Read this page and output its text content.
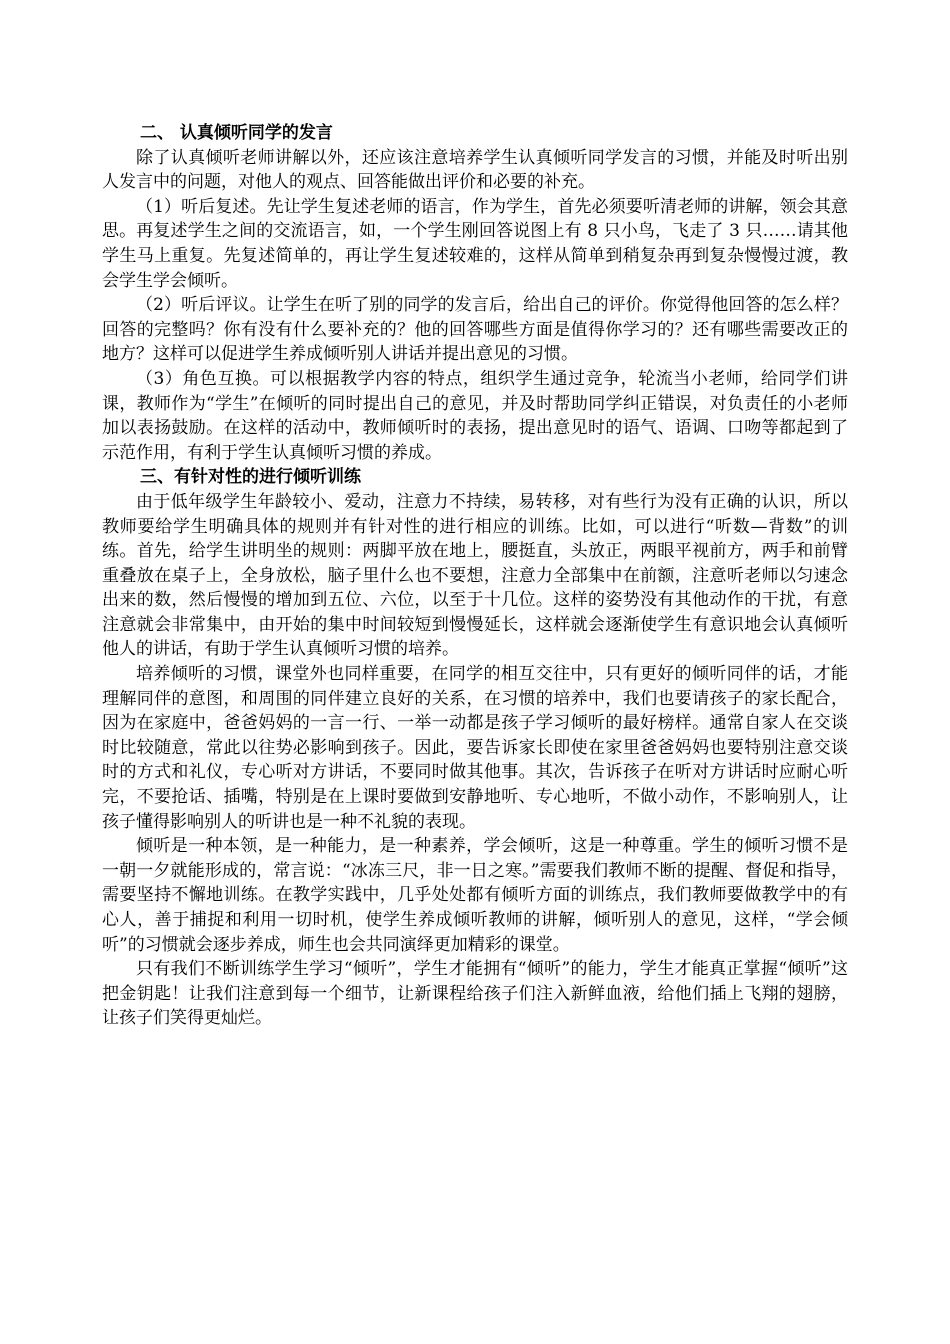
二、 认真倾听同学的发言

除了认真倾听老师讲解以外，还应该注意培养学生认真倾听同学发言的习惯，并能及时听出别人发言中的问题，对他人的观点、回答能做出评价和必要的补充。

（1）听后复述。先让学生复述老师的语言，作为学生，首先必须要听清老师的讲解，领会其意思。再复述学生之间的交流语言，如，一个学生刚回答说图上有 8 只小鸟，飞走了 3 只……请其他学生马上重复。先复述简单的，再让学生复述较难的，这样从简单到稍复杂再到复杂慢慢过渡，教会学生学会倾听。

（2）听后评议。让学生在听了别的同学的发言后，给出自己的评价。你觉得他回答的怎么样？回答的完整吗？你有没有什么要补充的？他的回答哪些方面是值得你学习的？还有哪些需要改正的地方？这样可以促进学生养成倾听别人讲话并提出意见的习惯。

（3）角色互换。可以根据教学内容的特点，组织学生通过竞争，轮流当小老师，给同学们讲课，教师作为“学生”在倾听的同时提出自己的意见，并及时帮助同学纠正错误，对负责任的小老师加以表扬鼓励。在这样的活动中，教师倾听时的表扬，提出意见时的语气、语调、口吻等都起到了示范作用，有利于学生认真倾听习惯的养成。

三、有针对性的进行倾听训练

由于低年级学生年龄较小、爱动，注意力不持续，易转移，对有些行为没有正确的认识，所以教师要给学生明确具体的规则并有针对性的进行相应的训练。比如，可以进行“听数—背数”的训练。首先，给学生讲明坐的规则：两脚平放在地上，腰挺直，头放正，两眼平视前方，两手和前臂重叠放在桌子上，全身放松，脑子里什么也不要想，注意力全部集中在前额，注意听老师以匀速念出来的数，然后慢慢的增加到五位、六位，以至于十几位。这样的姿势没有其他动作的干扰，有意注意就会非常集中，由开始的集中时间较短到慢慢延长，这样就会逐渐使学生有意识地会认真倾听他人的讲话，有助于学生认真倾听习惯的培养。

培养倾听的习惯，课堂外也同样重要，在同学的相互交往中，只有更好的倾听同伴的话，才能理解同伴的意图，和周围的同伴建立良好的关系，在习惯的培养中，我们也要请孩子的家长配合，因为在家庭中，爸爸妈妈的一言一行、一举一动都是孩子学习倾听的最好榜样。通常自家人在交谈时比较随意，常此以往势必影响到孩子。因此，要告诉家长即使在家里爸爸妈妈也要特别注意交谈时的方式和礼仪，专心听对方讲话，不要同时做其他事。其次，告诉孩子在听对方讲话时应耐心听完，不要抢话、插嘴，特别是在上课时要做到安静地听、专心地听，不做小动作，不影响别人，让孩子懂得影响别人的听讲也是一种不礼貌的表现。

倾听是一种本领，是一种能力，是一种素养，学会倾听，这是一种尊重。学生的倾听习惯不是一朝一夕就能形成的，常言说：“冰冻三尺，非一日之寒。”需要我们教师不断的提醒、督促和指导，需要坚持不懈地训练。在教学实践中，几乎处处都有倾听方面的训练点，我们教师要做教学中的有心人，善于捕捉和利用一切时机，使学生养成倾听教师的讲解，倾听别人的意见，这样，“学会倾听”的习惯就会逐步养成，师生也会共同演绎更加精彩的课堂。

只有我们不断训练学生学习“倾听”，学生才能拥有“倾听”的能力，学生才能真正掌握“倾听”这把金钥匙！让我们注意到每一个细节，让新课程给孩子们注入新鲜血液，给他们插上飞翔的翅膀，让孩子们笑得更灿烂。
